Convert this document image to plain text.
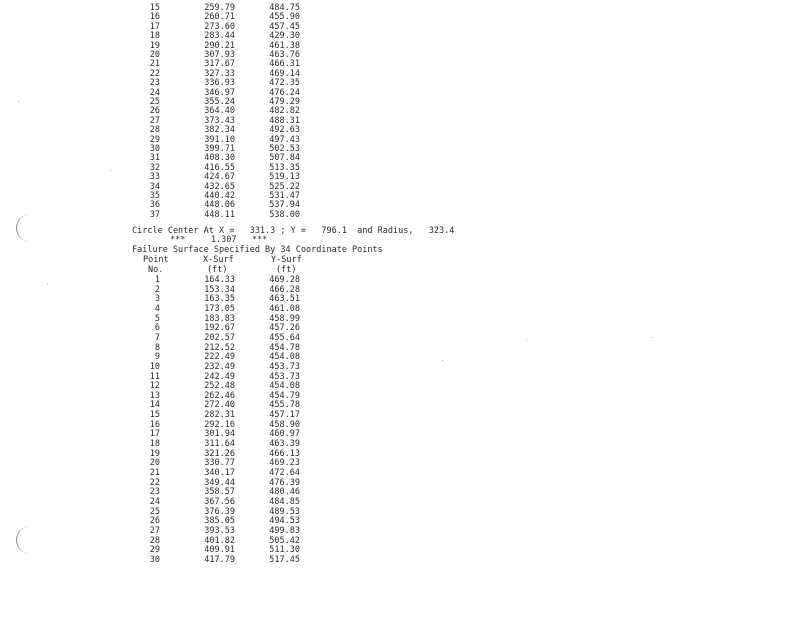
15	259.79	484.75
16	260.71	455.90
17	273.60	457.45
18	283.44	429.30
19	290.21	461.38
20	307.93	463.76
21	317.67	466.31
22	327.33	469.14
23	336.93	472.35
24	346.97	476.24
25	355.24	479.29
26	364.40	482.82
27	373.43	488.31
28	382.34	492.63
29	391.10	497.43
30	399.71	502.53
31	408.30	507.84
32	416.55	513.35
33	424.67	519.13
34	432.65	525.22
35	440.42	531.47
36	448.06	537.94
37	448.11	538.00
Circle Center At X =   331.3 ; Y =   796.1  and Radius,   323.4
***     1.307   ***
Failure Surface Specified By 34 Coordinate Points
Point	X-Surf	Y-Surf
No.	(ft)	(ft)
1	164.33	469.28
2	153.34	466.28
3	163.35	463.51
4	173.05	461.08
5	183.83	458.99
6	192.67	457.26
7	202.57	455.64
8	212.52	454.78
9	222.49	454.08
10	232.49	453.73
11	242.49	453.73
12	252.48	454.08
13	262.46	454.79
14	272.40	455.78
15	282.31	457.17
16	292.16	458.90
17	301.94	460.97
18	311.64	463.39
19	321.26	466.13
20	330.77	469.23
21	340.17	472.64
22	349.44	476.39
23	358.57	480.46
24	367.56	484.85
25	376.39	489.53
26	385.05	494.53
27	393.53	499.83
28	401.82	505.42
29	409.91	511.30
30	417.79	517.45
